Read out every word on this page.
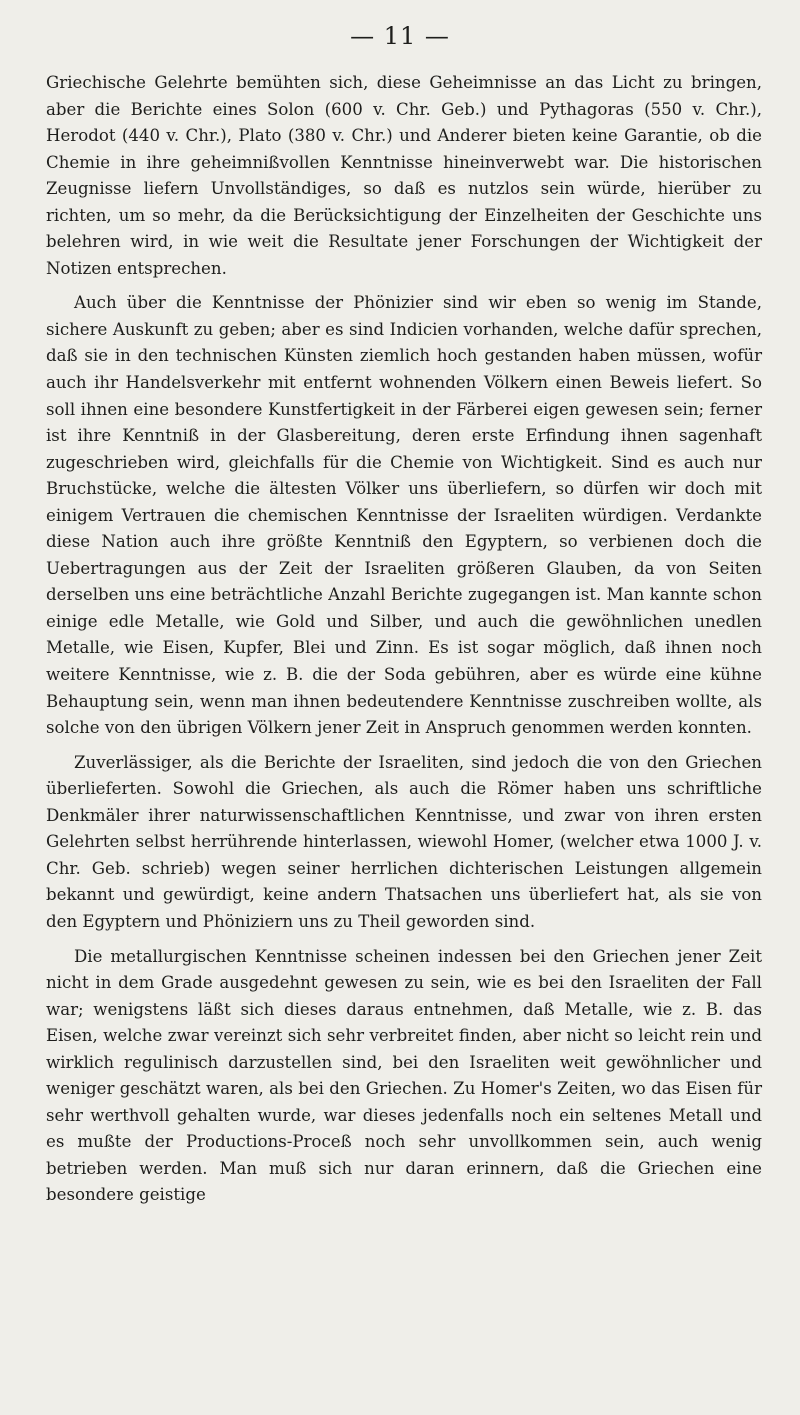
— 11 —

Griechische Gelehrte bemühten sich, diese Geheimnisse an das Licht zu bringen, aber die Berichte eines Solon (600 v. Chr. Geb.) und Pythagoras (550 v. Chr.), Herodot (440 v. Chr.), Plato (380 v. Chr.) und Anderer bieten keine Garantie, ob die Chemie in ihre geheimnißvollen Kenntnisse hineinverwebt war. Die historischen Zeugnisse liefern Unvollständiges, so daß es nutzlos sein würde, hierüber zu richten, um so mehr, da die Berücksichtigung der Einzelheiten der Geschichte uns belehren wird, in wie weit die Resultate jener Forschungen der Wichtigkeit der Notizen entsprechen.

Auch über die Kenntnisse der Phönizier sind wir eben so wenig im Stande, sichere Auskunft zu geben; aber es sind Indicien vorhanden, welche dafür sprechen, daß sie in den technischen Künsten ziemlich hoch gestanden haben müssen, wofür auch ihr Handelsverkehr mit entfernt wohnenden Völkern einen Beweis liefert. So soll ihnen eine besondere Kunstfertigkeit in der Färberei eigen gewesen sein; ferner ist ihre Kenntniß in der Glasbereitung, deren erste Erfindung ihnen sagenhaft zugeschrieben wird, gleichfalls für die Chemie von Wichtigkeit. Sind es auch nur Bruchstücke, welche die ältesten Völker uns überliefern, so dürfen wir doch mit einigem Vertrauen die chemischen Kenntnisse der Israeliten würdigen. Verdankte diese Nation auch ihre größte Kenntniß den Egyptern, so verbienen doch die Uebertragungen aus der Zeit der Israeliten größeren Glauben, da von Seiten derselben uns eine beträchtliche Anzahl Berichte zugegangen ist. Man kannte schon einige edle Metalle, wie Gold und Silber, und auch die gewöhnlichen unedlen Metalle, wie Eisen, Kupfer, Blei und Zinn. Es ist sogar möglich, daß ihnen noch weitere Kenntnisse, wie z. B. die der Soda gebühren, aber es würde eine kühne Behauptung sein, wenn man ihnen bedeutendere Kenntnisse zuschreiben wollte, als solche von den übrigen Völkern jener Zeit in Anspruch genommen werden konnten.

Zuverlässiger, als die Berichte der Israeliten, sind jedoch die von den Griechen überlieferten. Sowohl die Griechen, als auch die Römer haben uns schriftliche Denkmäler ihrer naturwissenschaftlichen Kenntnisse, und zwar von ihren ersten Gelehrten selbst herrührende hinterlassen, wiewohl Homer, (welcher etwa 1000 J. v. Chr. Geb. schrieb) wegen seiner herrlichen dichterischen Leistungen allgemein bekannt und gewürdigt, keine andern Thatsachen uns überliefert hat, als sie von den Egyptern und Phöniziern uns zu Theil geworden sind.

Die metallurgischen Kenntnisse scheinen indessen bei den Griechen jener Zeit nicht in dem Grade ausgedehnt gewesen zu sein, wie es bei den Israeliten der Fall war; wenigstens läßt sich dieses daraus entnehmen, daß Metalle, wie z. B. das Eisen, welche zwar vereinzt sich sehr verbreitet finden, aber nicht so leicht rein und wirklich regulinisch darzustellen sind, bei den Israeliten weit gewöhnlicher und weniger geschätzt waren, als bei den Griechen. Zu Homer's Zeiten, wo das Eisen für sehr werthvoll gehalten wurde, war dieses jedenfalls noch ein seltenes Metall und es mußte der Productions-Proceß noch sehr unvollkommen sein, auch wenig betrieben werden. Man muß sich nur daran erinnern, daß die Griechen eine besondere geistige
